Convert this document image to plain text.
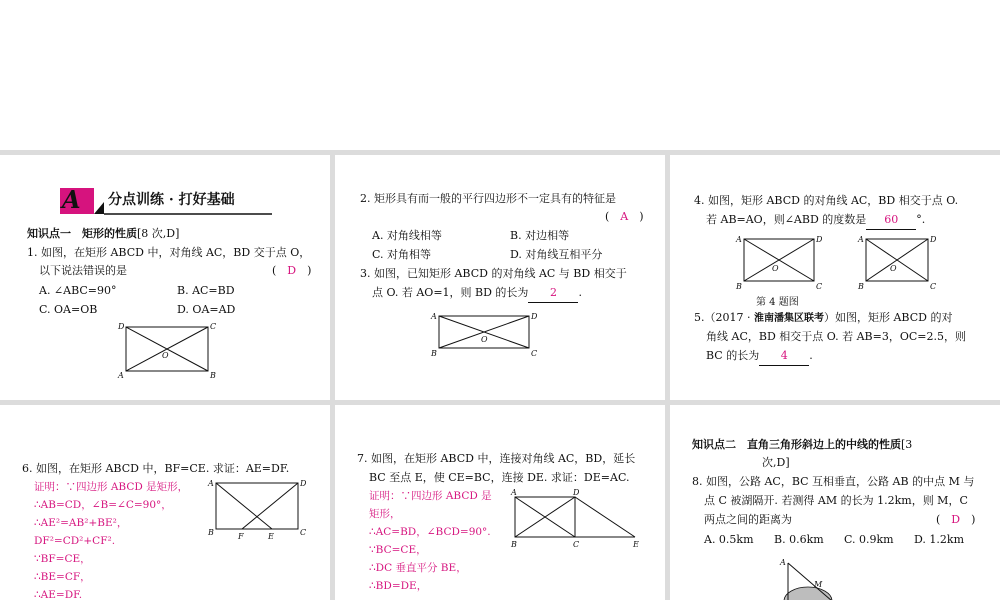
A 分点训练 · 打好基础
知识点一　矩形的性质[8 次,D]
1. 如图，在矩形 ABCD 中，对角线 AC，BD 交于点 O，
以下说法错误的是	(　D　)
A. ∠ABC=90°	B. AC=BD
C. OA=OB	D. OA=AD
D	C
A	B
O
2. 矩形具有而一般的平行四边形不一定具有的特征是
(　A　)
A. 对角线相等	B. 对边相等
C. 对角相等	D. 对角线互相平分
3. 如图，已知矩形 ABCD 的对角线 AC 与 BD 相交于
点 O. 若 AO=1，则 BD 的长为 2 .
A	D
B	C
O
4. 如图，矩形 ABCD 的对角线 AC，BD 相交于点 O.
若 AB=AO，则∠ABD 的度数是 60 °.
A	D
B	C
O
A	D
B	C
O
第 4 题图
5.（2017 · 淮南潘集区联考）如图，矩形 ABCD 的对
角线 AC，BD 相交于点 O. 若 AB=3，OC=2.5，则
BC 的长为 4 .
6. 如图，在矩形 ABCD 中，BF=CE. 求证：AE=DF.
证明：∵四边形 ABCD 是矩形，
∴AB=CD，∠B=∠C=90°，
∴AE²=AB²+BE²，
DF²=CD²+CF².
∵BF=CE，
∴BE=CF，
∴AE=DF.
A	D
B	C
F	E
7. 如图，在矩形 ABCD 中，连接对角线 AC，BD，延长
BC 至点 E，使 CE=BC，连接 DE. 求证：DE=AC.
证明：∵四边形 ABCD 是
矩形，
∴AC=BD，∠BCD=90°.
∵BC=CE，
∴DC 垂直平分 BE，
∴BD=DE，
A	D
B	C	E
知识点二　直角三角形斜边上的中线的性质[3
次,D]
8. 如图，公路 AC，BC 互相垂直，公路 AB 的中点 M 与
点 C 被湖隔开. 若测得 AM 的长为 1.2km，则 M，C
两点之间的距离为	(　D　)
A. 0.5km B. 0.6km C. 0.9km D. 1.2km
A
M
